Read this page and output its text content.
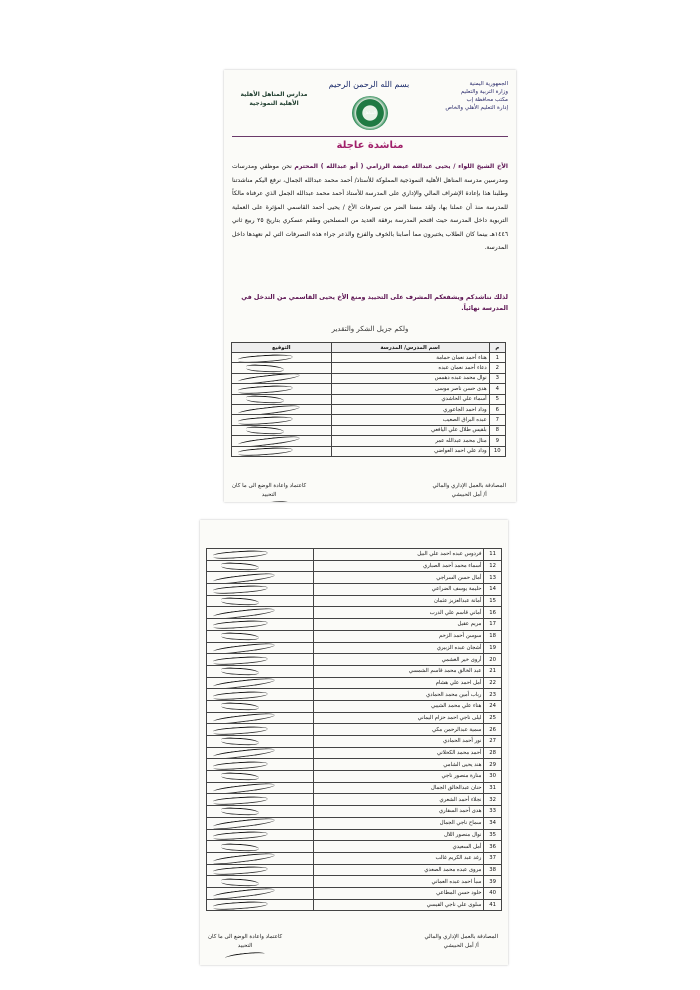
الجمهورية اليمنية
وزارة التربية والتعليم
مكتب محافظة إب
إدارة التعليم الأهلي والخاص
بسم الله الرحمن الرحيم
مدارس المناهل الأهلية
الأهلية النموذجية
المناهل
مناشدة عاجلة
الأخ الشيخ اللواء / يحيى عبدالله عيضة الرزامي ( أبو عبدالله ) المحترم نحن موظفي ومدرسات ومدرسين مدرسة المناهل الأهلية النموذجية المملوكة للأستاذ/ أحمد محمد عبدالله الجمال، نرفع اليكم مناشدتنا وطلبنا هذا بإعادة الإشراف المالي والإداري على المدرسة للأستاذ أحمد محمد عبدالله الجمل الذي عرفناه مالكاً للمدرسة منذ أن عملنا بها، ولقد مسنا الضر من تصرفات الأخ / يحيى أحمد القاسمي المؤثرة على العملية التربوية داخل المدرسة حيث اقتحم المدرسة برفقة العديد من المسلحين وطقم عسكري بتاريخ ٢٥ ربيع ثاني ١٤٤٦هـ بينما كان الطلاب يختبرون مما أصابنا بالخوف والفزع والذعر جراء هذه التصرفات التي لم نعهدها داخل المدرسة.
لذلك نناشدكم ويشفعكم المشرف على التحييد ومنع الأخ يحيى القاسمي من التدخل في المدرسة نهائياً.
ولكم جزيل الشكر والتقدير
م	اسم المدرس/ المدرسة	التوقيع
1	هناء أحمد نعمان حمامة	

2	دعاء أحمد نعمان عبده	

3	نوال محمد عبده دهمس	

4	هدى حسن ناصر موسى	

5	أسماء علي الحاشدي	

6	وداد احمد الجاعوري	

7	عبده البراق الصعيب	

8	بلقيس طلال علي اليافعي	

9	منال محمد عبدالله عمر	

10	وداد علي احمد العواضي	
كاعتماد واعادة الوضع الى ما كان
التحييد
المصادقة بالعمل الإداري والمالي
أ/ أمل الحبيشي
11	فردوس عبده احمد علي البيل	

12	أسماء محمد أحمد الصباري	

13	أمال حسن السراجي	

14	حليمة يوسف الضراعي	

15	أمانة عبدالعزيز عثمان	

16	أماني قاسم علي الدرب	

17	مريم عقيل	

18	سوسن أحمد الزحم	

19	أشجان عبده الزبيري	

20	أروى خير الغشمي	

21	عبد الخالق محمد قاسم الشمسي	

22	أمل احمد علي هشام	

23	رباب أمين محمد الحمادي	

24	هناء علي محمد الشيبي	

25	ليلى ناجي احمد حزام اليماني	

26	سمية عبدالرحمن مكي	

27	نور أحمد الحمادي	

28	أحمد محمد الكحلاني	

29	هند يحيى الشامي	

30	منارة منصور ناجي	

31	حنان عبدالخالق الجمال	

32	نجلاء أحمد الشعري	

33	هدى أحمد السقاري	

34	سماح ناجي الجمال	

35	نوال منصور اللال	

36	أمل السعيدي	

37	رغد عبد الكريم غالب	

38	مروى عبده محمد الصعدي	

39	سبأ احمد عبده العماني	

40	خلود حسن المطاعي	

41	سلوى علي ناجي القيسي	
كاعتماد واعادة الوضع الى ما كان
التحييد
المصادقة بالعمل الإداري والمالي
أ/ أمل الحبيشي
